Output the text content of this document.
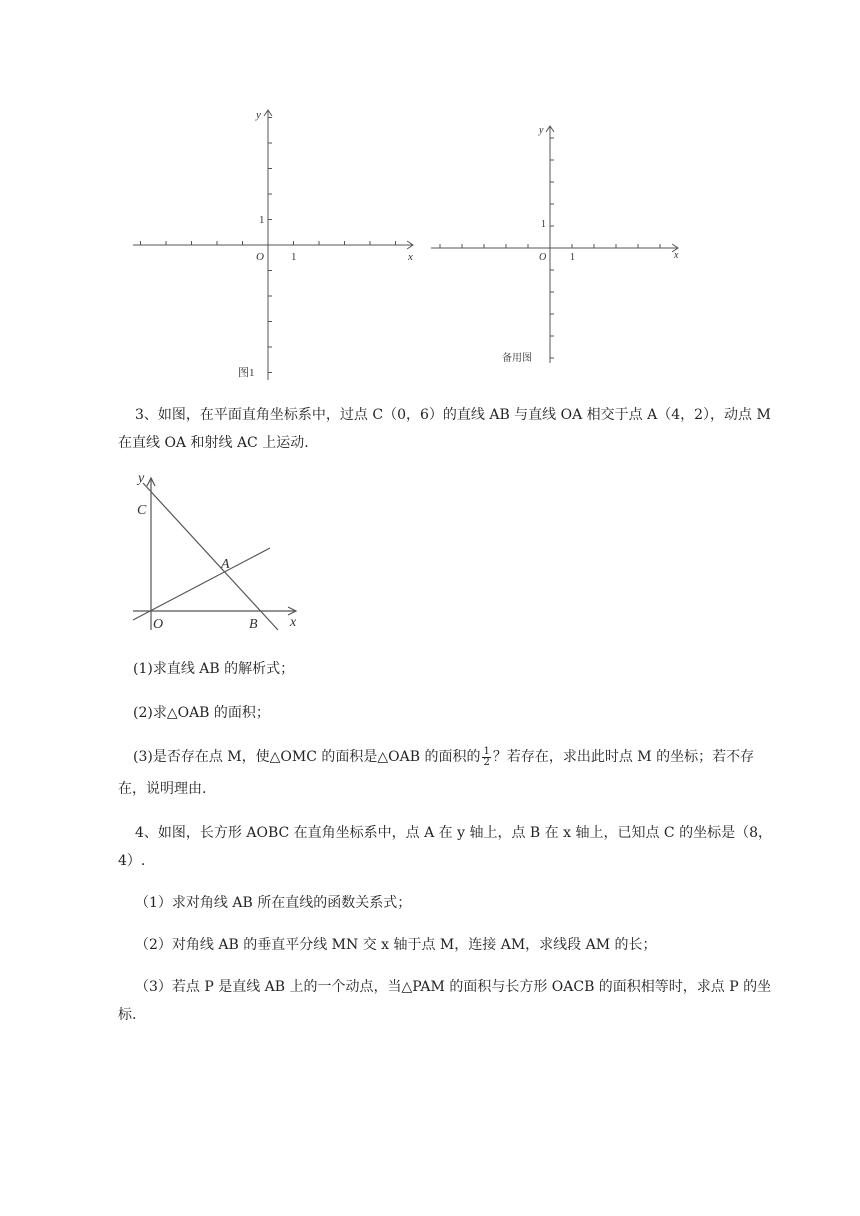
y
x
O 1
1
图1
y
x
O 1
1
备用图
3、如图，在平面直角坐标系中，过点 C（0，6）的直线 AB 与直线 OA 相交于点 A（4，2），动点 M
在直线 OA 和射线 AC 上运动.
y
x
C
A
O	B
(1)求直线 AB 的解析式；
(2)求△OAB 的面积；
(3)是否存在点 M，使△OMC 的面积是△OAB 的面积的 $\frac{1}{2}$ ？若存在，求出此时点 M 的坐标；若不存
在，说明理由.
4、如图，长方形 AOBC 在直角坐标系中，点 A 在 y 轴上，点 B 在 x 轴上，已知点 C 的坐标是（8，
4）.
（1）求对角线 AB 所在直线的函数关系式；
（2）对角线 AB 的垂直平分线 MN 交 x 轴于点 M，连接 AM，求线段 AM 的长；
（3）若点 P 是直线 AB 上的一个动点，当△PAM 的面积与长方形 OACB 的面积相等时，求点 P 的坐
标.
